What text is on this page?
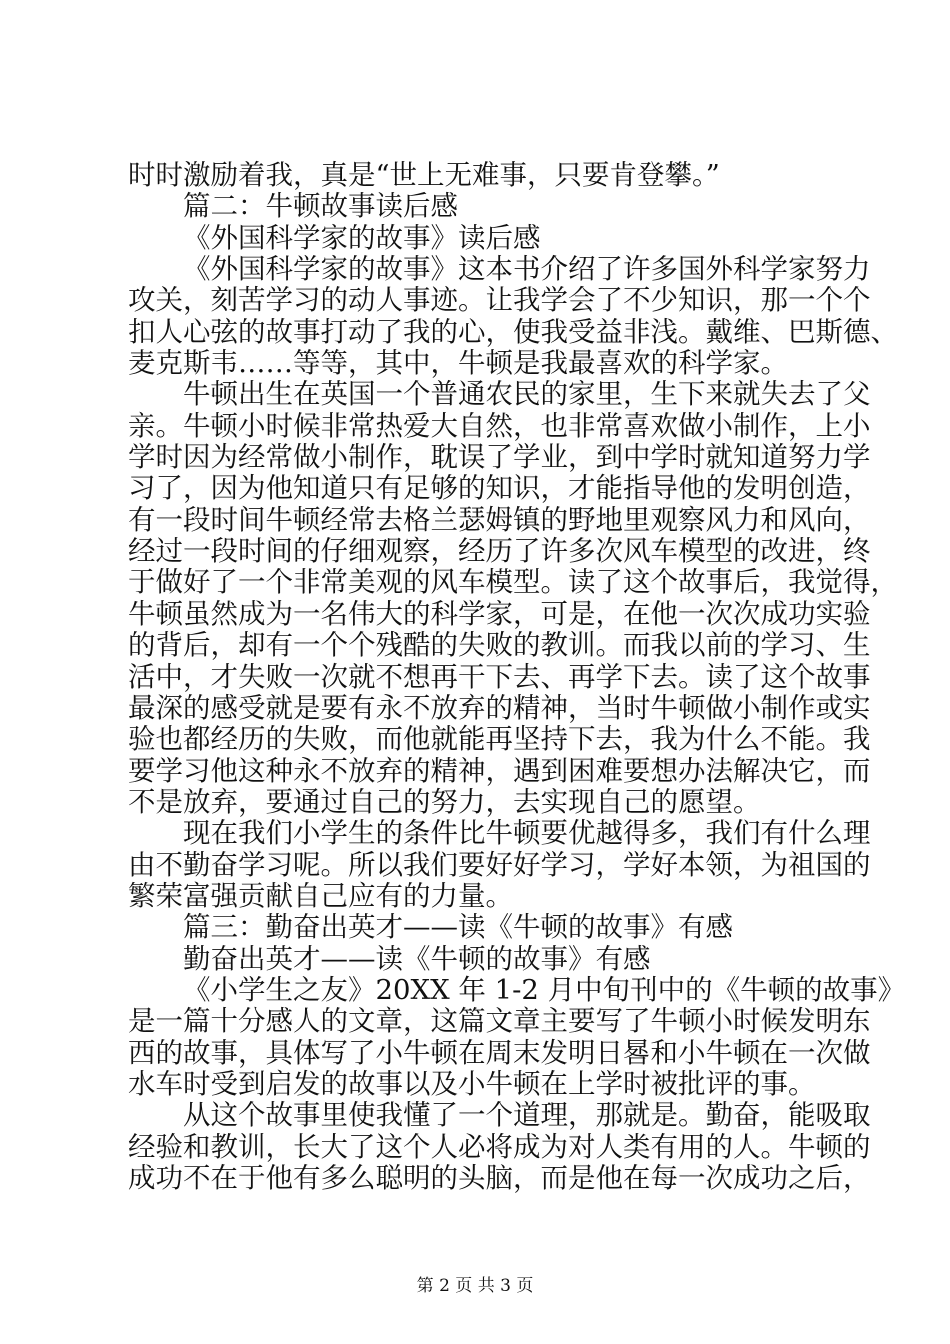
时时激励着我，真是“世上无难事，只要肯登攀。”
篇二：牛顿故事读后感
《外国科学家的故事》读后感
《外国科学家的故事》这本书介绍了许多国外科学家努力
攻关，刻苦学习的动人事迹。让我学会了不少知识，那一个个
扣人心弦的故事打动了我的心，使我受益非浅。戴维、巴斯德、
麦克斯韦……等等，其中，牛顿是我最喜欢的科学家。
牛顿出生在英国一个普通农民的家里，生下来就失去了父
亲。牛顿小时候非常热爱大自然，也非常喜欢做小制作，上小
学时因为经常做小制作，耽误了学业，到中学时就知道努力学
习了，因为他知道只有足够的知识，才能指导他的发明创造，
有一段时间牛顿经常去格兰瑟姆镇的野地里观察风力和风向，
经过一段时间的仔细观察，经历了许多次风车模型的改进，终
于做好了一个非常美观的风车模型。读了这个故事后，我觉得，
牛顿虽然成为一名伟大的科学家，可是，在他一次次成功实验
的背后，却有一个个残酷的失败的教训。而我以前的学习、生
活中，才失败一次就不想再干下去、再学下去。读了这个故事
最深的感受就是要有永不放弃的精神，当时牛顿做小制作或实
验也都经历的失败，而他就能再坚持下去，我为什么不能。我
要学习他这种永不放弃的精神，遇到困难要想办法解决它，而
不是放弃，要通过自己的努力，去实现自己的愿望。
现在我们小学生的条件比牛顿要优越得多，我们有什么理
由不勤奋学习呢。所以我们要好好学习，学好本领，为祖国的
繁荣富强贡献自己应有的力量。
篇三：勤奋出英才——读《牛顿的故事》有感
勤奋出英才——读《牛顿的故事》有感
《小学生之友》20XX 年 1-2 月中旬刊中的《牛顿的故事》
是一篇十分感人的文章，这篇文章主要写了牛顿小时候发明东
西的故事，具体写了小牛顿在周末发明日晷和小牛顿在一次做
水车时受到启发的故事以及小牛顿在上学时被批评的事。
从这个故事里使我懂了一个道理，那就是。勤奋，能吸取
经验和教训，长大了这个人必将成为对人类有用的人。牛顿的
成功不在于他有多么聪明的头脑，而是他在每一次成功之后，
第 2 页 共 3 页
